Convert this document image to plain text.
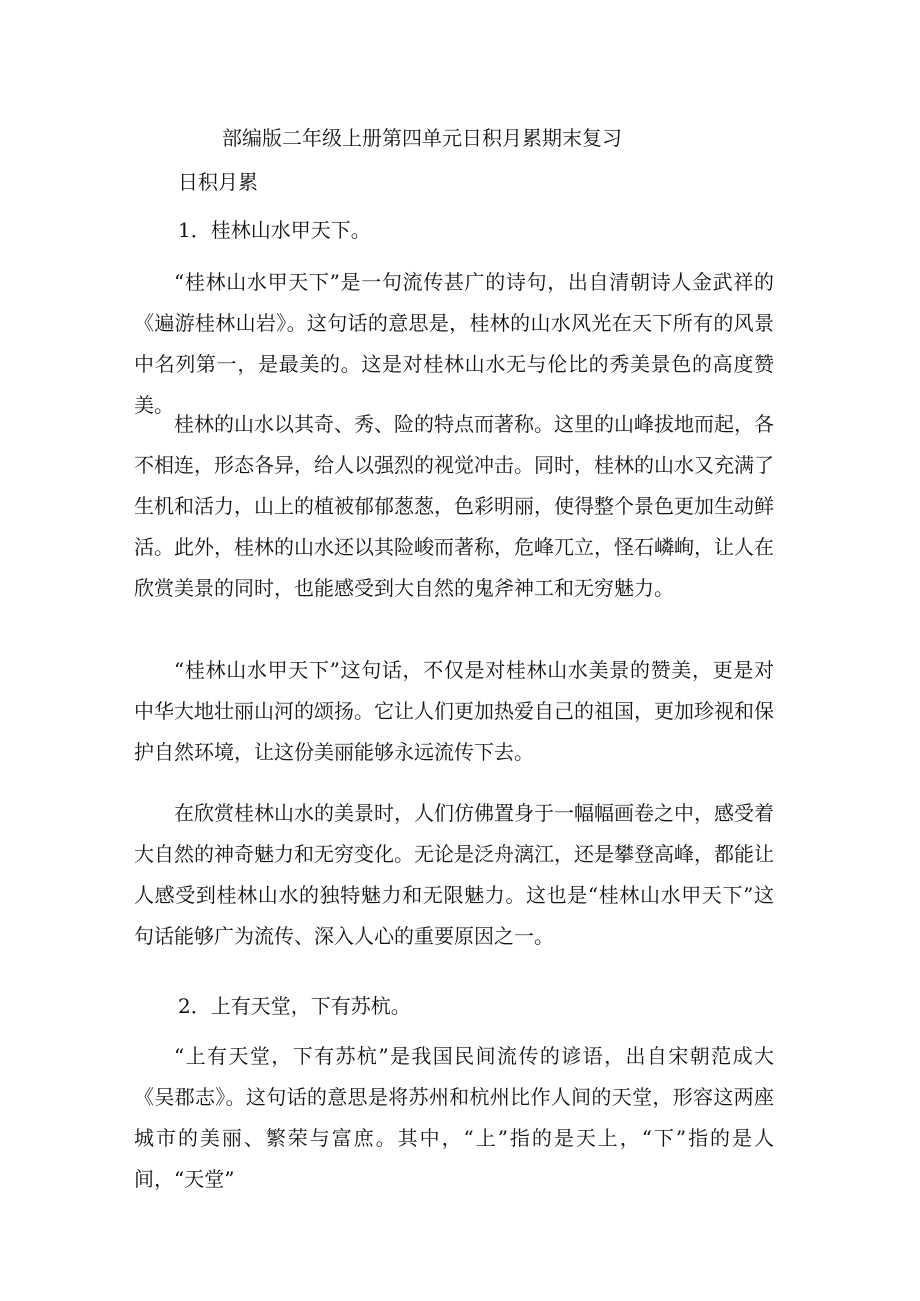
部编版二年级上册第四单元日积月累期末复习
日积月累
1．桂林山水甲天下。

“桂林山水甲天下”是一句流传甚广的诗句，出自清朝诗人金武祥的《遍游桂林山岩》。这句话的意思是，桂林的山水风光在天下所有的风景中名列第一，是最美的。这是对桂林山水无与伦比的秀美景色的高度赞美。

桂林的山水以其奇、秀、险的特点而著称。这里的山峰拔地而起，各不相连，形态各异，给人以强烈的视觉冲击。同时，桂林的山水又充满了生机和活力，山上的植被郁郁葱葱，色彩明丽，使得整个景色更加生动鲜活。此外，桂林的山水还以其险峻而著称，危峰兀立，怪石嶙峋，让人在欣赏美景的同时，也能感受到大自然的鬼斧神工和无穷魅力。

“桂林山水甲天下”这句话，不仅是对桂林山水美景的赞美，更是对中华大地壮丽山河的颂扬。它让人们更加热爱自己的祖国，更加珍视和保护自然环境，让这份美丽能够永远流传下去。

在欣赏桂林山水的美景时，人们仿佛置身于一幅幅画卷之中，感受着大自然的神奇魅力和无穷变化。无论是泛舟漓江，还是攀登高峰，都能让人感受到桂林山水的独特魅力和无限魅力。这也是“桂林山水甲天下”这句话能够广为流传、深入人心的重要原因之一。

2．上有天堂，下有苏杭。

“上有天堂，下有苏杭”是我国民间流传的谚语，出自宋朝范成大《吴郡志》。这句话的意思是将苏州和杭州比作人间的天堂，形容这两座城市的美丽、繁荣与富庶。其中，“上”指的是天上，“下”指的是人间，“天堂”
